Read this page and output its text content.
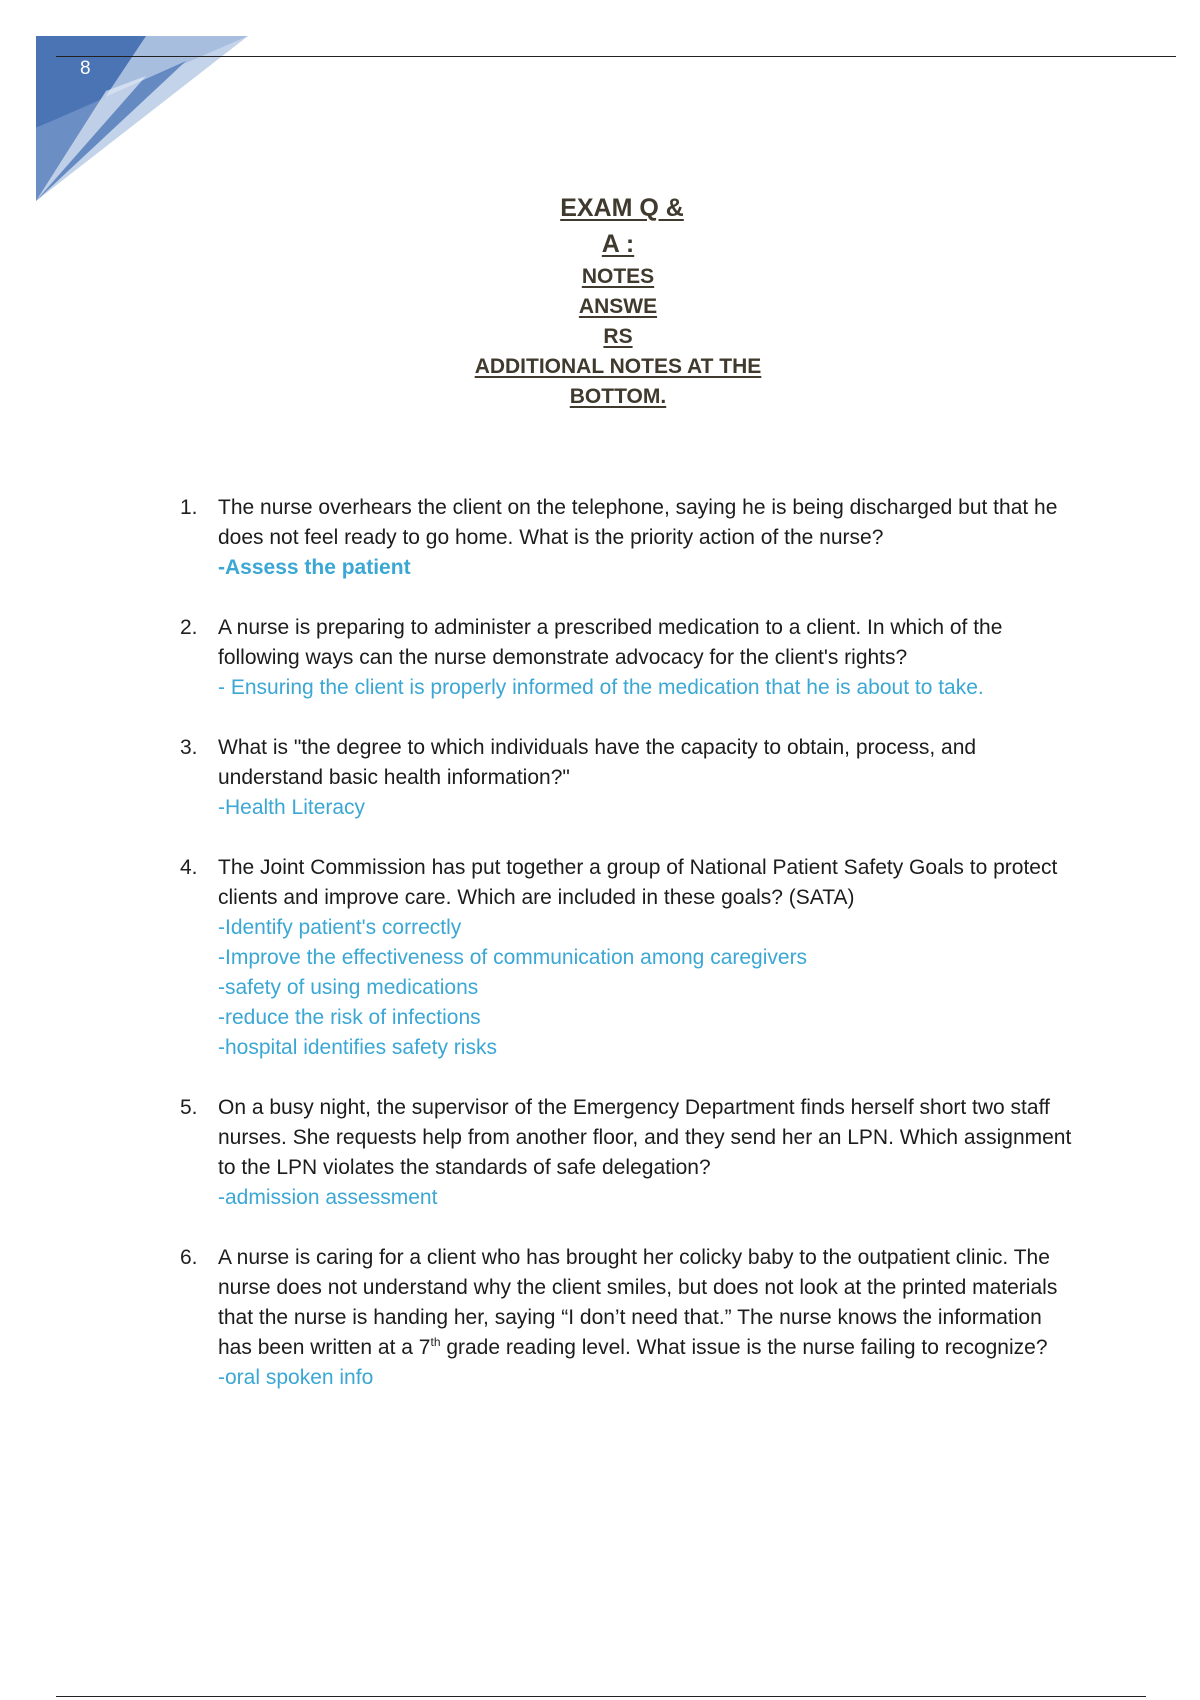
8
EXAM Q &
A :
NOTES
ANSWE
RS
ADDITIONAL NOTES AT THE
BOTTOM.
1. The nurse overhears the client on the telephone, saying he is being discharged but that he does not feel ready to go home. What is the priority action of the nurse?
-Assess the patient
2. A nurse is preparing to administer a prescribed medication to a client. In which of the following ways can the nurse demonstrate advocacy for the client's rights?
- Ensuring the client is properly informed of the medication that he is about to take.
3. What is "the degree to which individuals have the capacity to obtain, process, and understand basic health information?"
-Health Literacy
4. The Joint Commission has put together a group of National Patient Safety Goals to protect clients and improve care. Which are included in these goals? (SATA)
-Identify patient's correctly
-Improve the effectiveness of communication among caregivers
-safety of using medications
-reduce the risk of infections
-hospital identifies safety risks
5. On a busy night, the supervisor of the Emergency Department finds herself short two staff nurses. She requests help from another floor, and they send her an LPN. Which assignment to the LPN violates the standards of safe delegation?
-admission assessment
6. A nurse is caring for a client who has brought her colicky baby to the outpatient clinic. The nurse does not understand why the client smiles, but does not look at the printed materials that the nurse is handing her, saying “I don’t need that.” The nurse knows the information has been written at a 7th grade reading level. What issue is the nurse failing to recognize?
-oral spoken info
